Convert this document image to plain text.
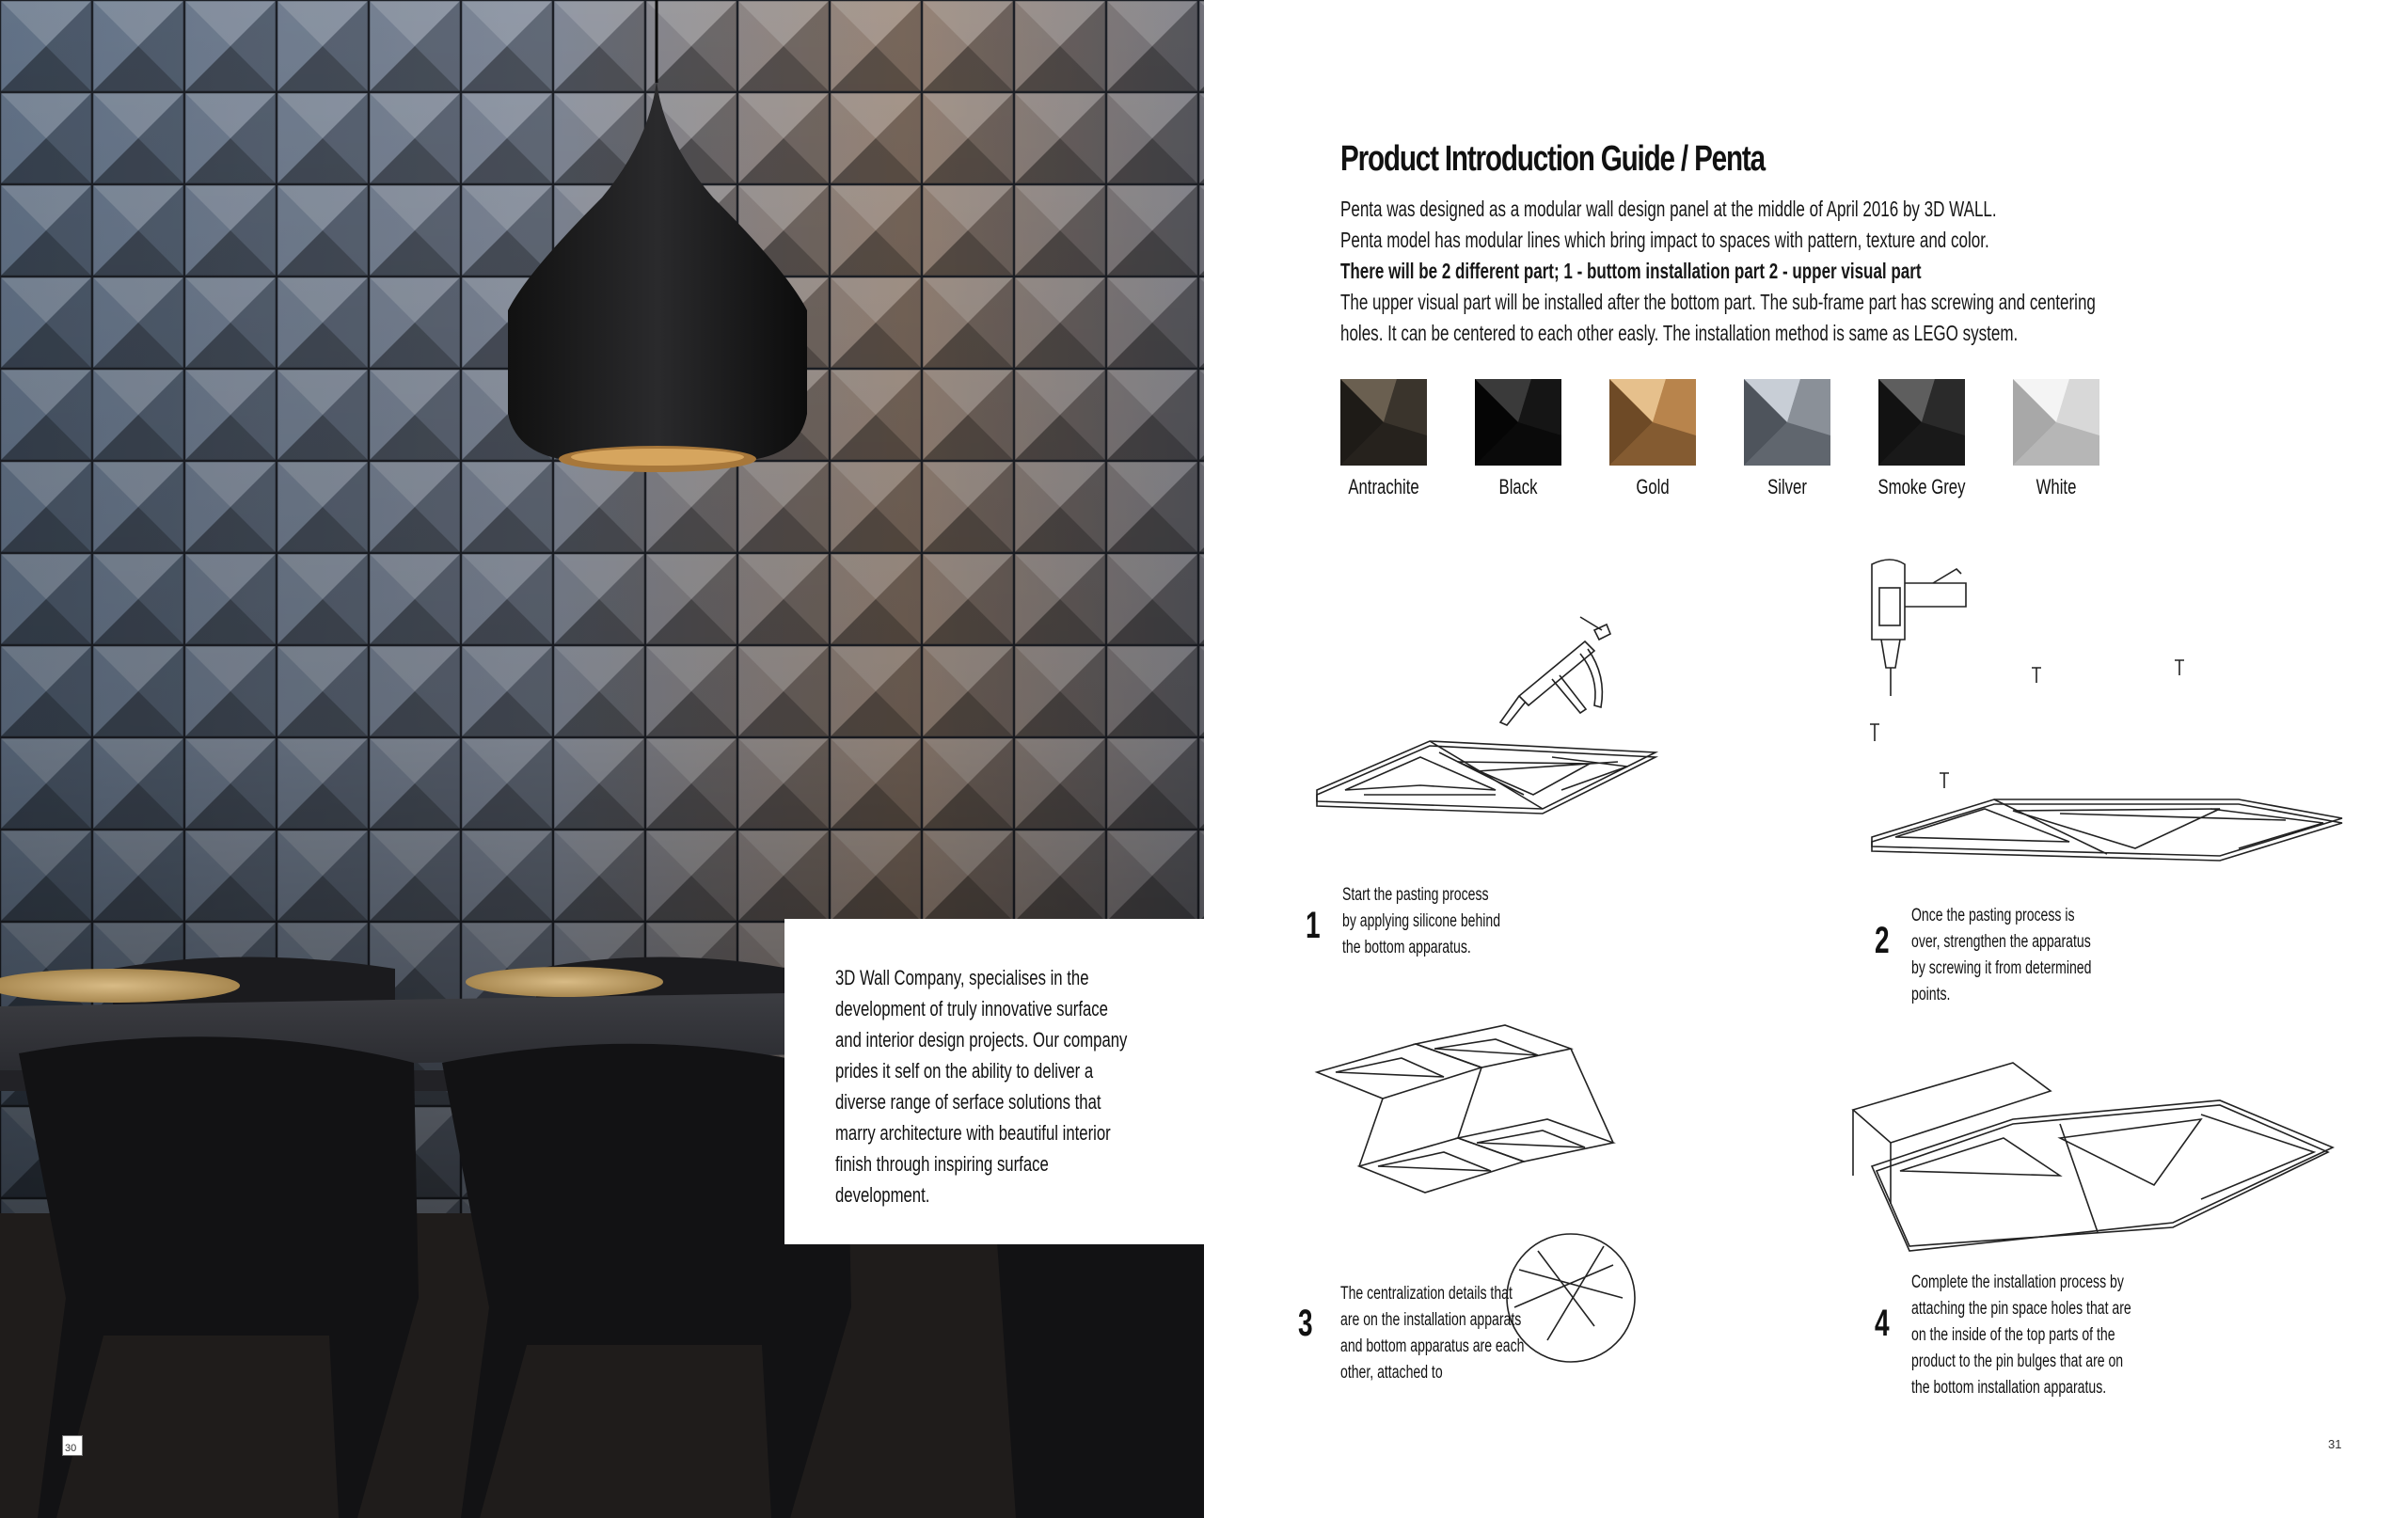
3D Wall Company, specialises in the development of truly innovative surface and interior design projects. Our company prides it self on the ability to deliver a diverse range of serface solutions that marry architecture with beautiful interior finish through inspiring surface development.
30
Product Introduction Guide / Penta

Penta was designed as a modular wall design panel at the middle of April 2016 by 3D WALL.

Penta model has modular lines which bring impact to spaces with pattern, texture and color.

There will be 2 different part; 1 - buttom installation part 2 - upper visual part

The upper visual part will be installed after the bottom part. The sub-frame part has screwing and centering holes. It can be centered to each other easly. The installation method is same as LEGO system.

Antrachite	Black	Gold	Silver	Smoke Grey	White
1
Start the pasting process by applying silicone behind the bottom apparatus.	2
Once the pasting process is over, strengthen the apparatus by screwing it from determined points.
3
The centralization details that are on the installation apparats and bottom apparatus are each other, attached to
4
Complete the installation process by attaching the pin space holes that are on the inside of the top parts of the product to the pin bulges that are on the bottom installation apparatus.
31
